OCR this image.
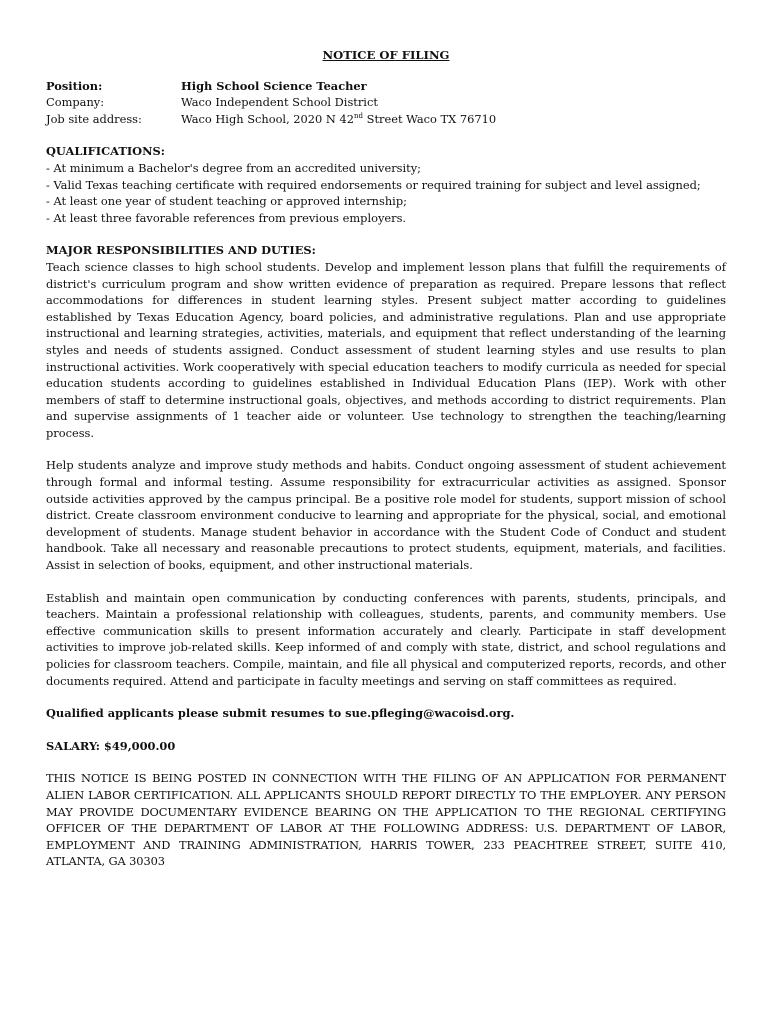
NOTICE OF FILING
Position:	High School Science Teacher
Company:	Waco Independent School District
Job site address:	Waco High School, 2020 N 42nd Street Waco TX 76710
QUALIFICATIONS:
- At minimum a Bachelor's degree from an accredited university;
- Valid Texas teaching certificate with required endorsements or required training for subject and level assigned;
- At least one year of student teaching or approved internship;
- At least three favorable references from previous employers.
MAJOR RESPONSIBILITIES AND DUTIES:

Teach science classes to high school students. Develop and implement lesson plans that fulfill the requirements of district's curriculum program and show written evidence of preparation as required. Prepare lessons that reflect accommodations for differences in student learning styles. Present subject matter according to guidelines established by Texas Education Agency, board policies, and administrative regulations. Plan and use appropriate instructional and learning strategies, activities, materials, and equipment that reflect understanding of the learning styles and needs of students assigned. Conduct assessment of student learning styles and use results to plan instructional activities. Work cooperatively with special education teachers to modify curricula as needed for special education students according to guidelines established in Individual Education Plans (IEP). Work with other members of staff to determine instructional goals, objectives, and methods according to district requirements. Plan and supervise assignments of 1 teacher aide or volunteer. Use technology to strengthen the teaching/learning process.

Help students analyze and improve study methods and habits. Conduct ongoing assessment of student achievement through formal and informal testing. Assume responsibility for extracurricular activities as assigned. Sponsor outside activities approved by the campus principal. Be a positive role model for students, support mission of school district. Create classroom environment conducive to learning and appropriate for the physical, social, and emotional development of students. Manage student behavior in accordance with the Student Code of Conduct and student handbook. Take all necessary and reasonable precautions to protect students, equipment, materials, and facilities. Assist in selection of books, equipment, and other instructional materials.

Establish and maintain open communication by conducting conferences with parents, students, principals, and teachers. Maintain a professional relationship with colleagues, students, parents, and community members. Use effective communication skills to present information accurately and clearly. Participate in staff development activities to improve job-related skills. Keep informed of and comply with state, district, and school regulations and policies for classroom teachers. Compile, maintain, and file all physical and computerized reports, records, and other documents required. Attend and participate in faculty meetings and serving on staff committees as required.

Qualified applicants please submit resumes to sue.pfleging@wacoisd.org.

SALARY: $49,000.00

THIS NOTICE IS BEING POSTED IN CONNECTION WITH THE FILING OF AN APPLICATION FOR PERMANENT ALIEN LABOR CERTIFICATION. ALL APPLICANTS SHOULD REPORT DIRECTLY TO THE EMPLOYER. ANY PERSON MAY PROVIDE DOCUMENTARY EVIDENCE BEARING ON THE APPLICATION TO THE REGIONAL CERTIFYING OFFICER OF THE DEPARTMENT OF LABOR AT THE FOLLOWING ADDRESS: U.S. DEPARTMENT OF LABOR, EMPLOYMENT AND TRAINING ADMINISTRATION, HARRIS TOWER, 233 PEACHTREE STREET, SUITE 410, ATLANTA, GA 30303
